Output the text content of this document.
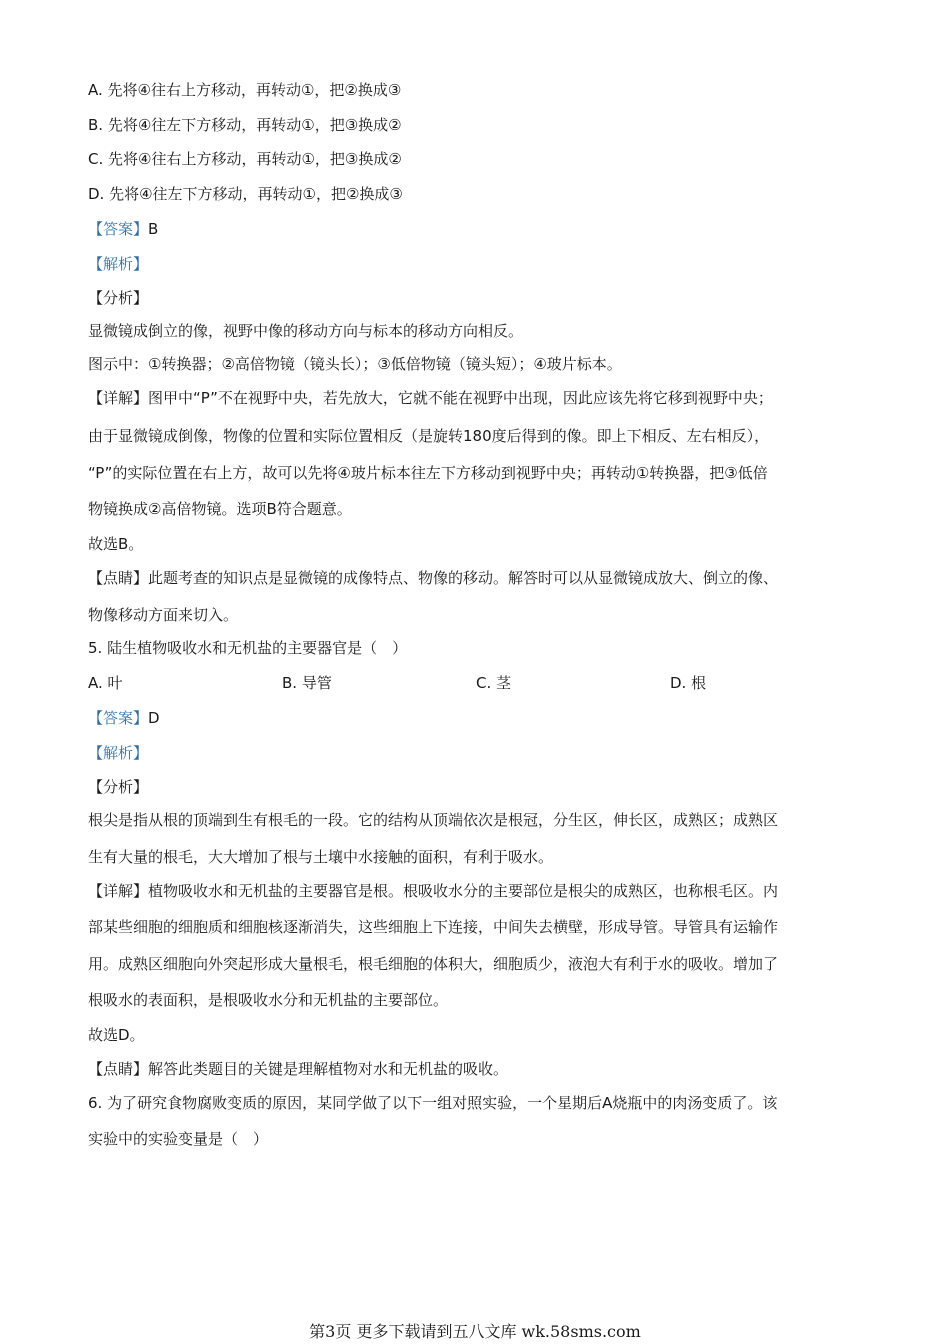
A. 先将④往右上方移动，再转动①，把②换成③
B. 先将④往左下方移动，再转动①，把③换成②
C. 先将④往右上方移动，再转动①，把③换成②
D. 先将④往左下方移动，再转动①，把②换成③
【答案】B
【解析】
【分析】
显微镜成倒立的像，视野中像的移动方向与标本的移动方向相反。
图示中：①转换器；②高倍物镜（镜头长）；③低倍物镜（镜头短）；④玻片标本。
【详解】图甲中“P”不在视野中央，若先放大，它就不能在视野中出现，因此应该先将它移到视野中央；
由于显微镜成倒像，物像的位置和实际位置相反（是旋转180度后得到的像。即上下相反、左右相反），
“P”的实际位置在右上方，故可以先将④玻片标本往左下方移动到视野中央；再转动①转换器，把③低倍
物镜换成②高倍物镜。选项B符合题意。
故选B。
【点睛】此题考查的知识点是显微镜的成像特点、物像的移动。解答时可以从显微镜成放大、倒立的像、
物像移动方面来切入。
5. 陆生植物吸收水和无机盐的主要器官是（　）
A. 叶	B. 导管	C. 茎	D. 根
【答案】D
【解析】
【分析】
根尖是指从根的顶端到生有根毛的一段。它的结构从顶端依次是根冠，分生区，伸长区，成熟区；成熟区
生有大量的根毛，大大增加了根与土壤中水接触的面积，有利于吸水。
【详解】植物吸收水和无机盐的主要器官是根。根吸收水分的主要部位是根尖的成熟区，也称根毛区。内
部某些细胞的细胞质和细胞核逐渐消失，这些细胞上下连接，中间失去横壁，形成导管。导管具有运输作
用。成熟区细胞向外突起形成大量根毛，根毛细胞的体积大，细胞质少，液泡大有利于水的吸收。增加了
根吸水的表面积，是根吸收水分和无机盐的主要部位。
故选D。
【点睛】解答此类题目的关键是理解植物对水和无机盐的吸收。
6. 为了研究食物腐败变质的原因，某同学做了以下一组对照实验，一个星期后A烧瓶中的肉汤变质了。该
实验中的实验变量是（　）
第3页 更多下载请到五八文库 wk.58sms.com
